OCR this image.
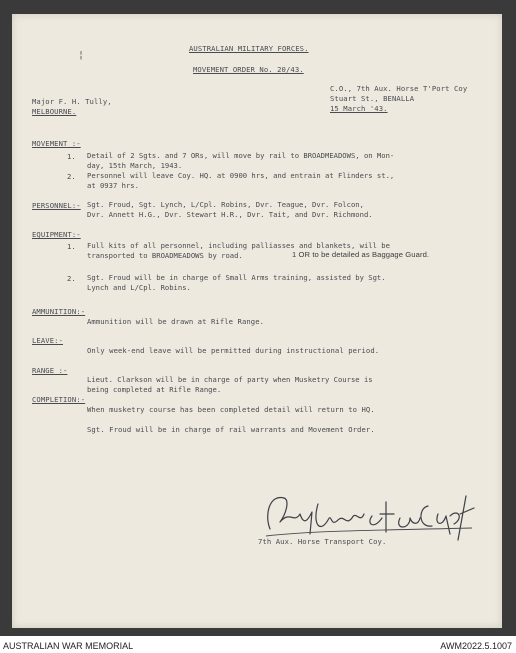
¦
AUSTRALIAN MILITARY FORCES.
MOVEMENT ORDER No. 20/43.
C.O., 7th Aux. Horse T'Port Coy
Stuart St., BENALLA
15 March '43.
Major F. H. Tully,
MELBOURNE.
MOVEMENT :-
1. Detail of 2 Sgts. and 7 ORs, will move by rail to BROADMEADOWS, on Mon-

day, 15th March, 1943.

2. Personnel will leave Coy. HQ. at 0900 hrs, and entrain at Flinders st.,

at 0937 hrs.

PERSONNEL:- Sgt. Froud, Sgt. Lynch, L/Cpl. Robins, Dvr. Teague, Dvr. Folcon,

Dvr. Annett H.G., Dvr. Stewart H.R., Dvr. Tait, and Dvr. Richmond.

EQUIPMENT:-
1. Full kits of all personnel, including palliasses and blankets, will be

transported to BROADMEADOWS by road.	1 OR to be detailed as Baggage Guard.
2. Sgt. Froud will be in charge of Small Arms training, assisted by Sgt.

Lynch and L/Cpl. Robins.

AMMUNITION:-
Ammunition will be drawn at Rifle Range.
LEAVE:-
Only week-end leave will be permitted during instructional period.
RANGE :-

Lieut. Clarkson will be in charge of party when Musketry Course is

being completed at Rifle Range.

COMPLETION:-
When musketry course has been completed detail will return to HQ.
Sgt. Froud will be in charge of rail warrants and Movement Order.
7th Aux. Horse Transport Coy.
AUSTRALIAN WAR MEMORIAL	AWM2022.5.1007
